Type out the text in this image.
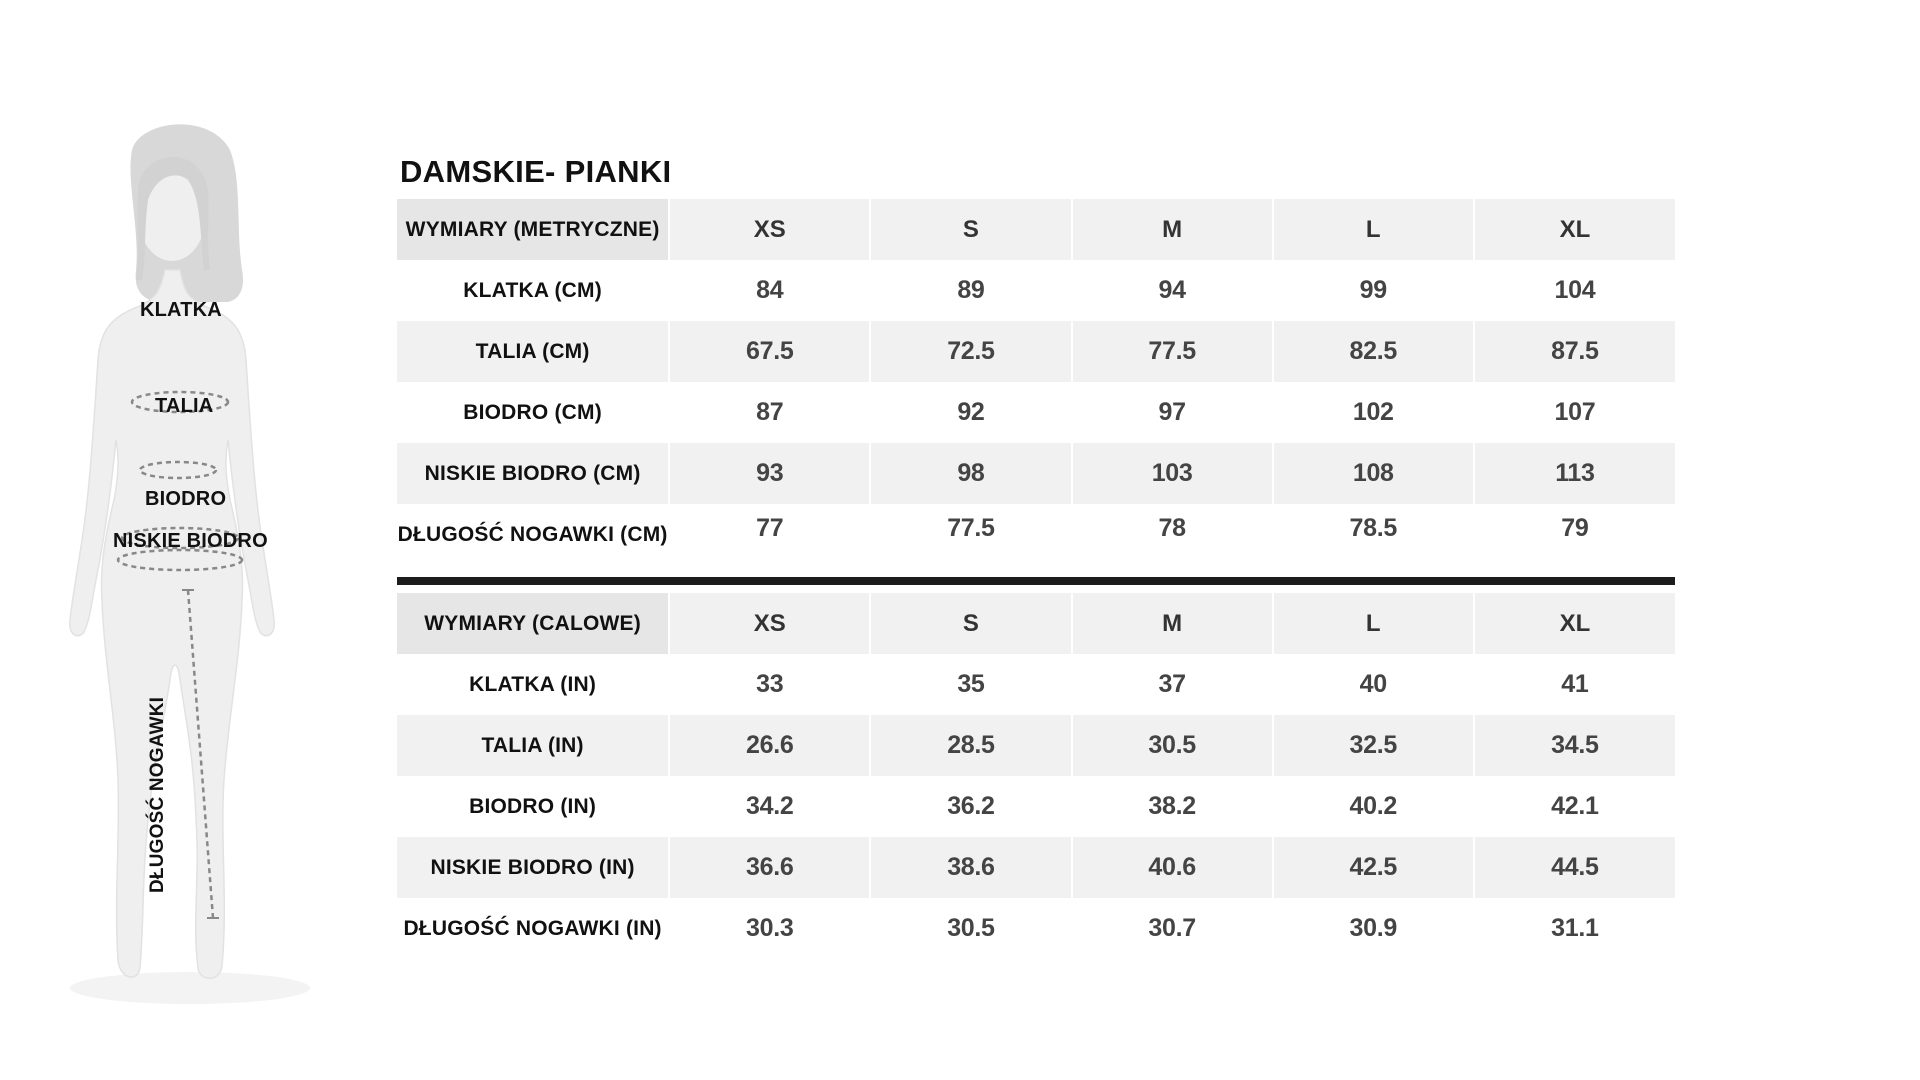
KLATKA
TALIA
BIODRO
NISKIE BIODRO
DŁUGOŚĆ NOGAWKI
DAMSKIE- PIANKI
WYMIARY (METRYCZNE)	XS	S	M	L	XL
KLATKA (CM)	84	89	94	99	104
TALIA (CM)	67.5	72.5	77.5	82.5	87.5
BIODRO (CM)	87	92	97	102	107
NISKIE BIODRO (CM)	93	98	103	108	113
DŁUGOŚĆ NOGAWKI (CM)	77	77.5	78	78.5	79
WYMIARY (CALOWE)	XS	S	M	L	XL
KLATKA (IN)	33	35	37	40	41
TALIA (IN)	26.6	28.5	30.5	32.5	34.5
BIODRO (IN)	34.2	36.2	38.2	40.2	42.1
NISKIE BIODRO (IN)	36.6	38.6	40.6	42.5	44.5
DŁUGOŚĆ NOGAWKI (IN)	30.3	30.5	30.7	30.9	31.1
